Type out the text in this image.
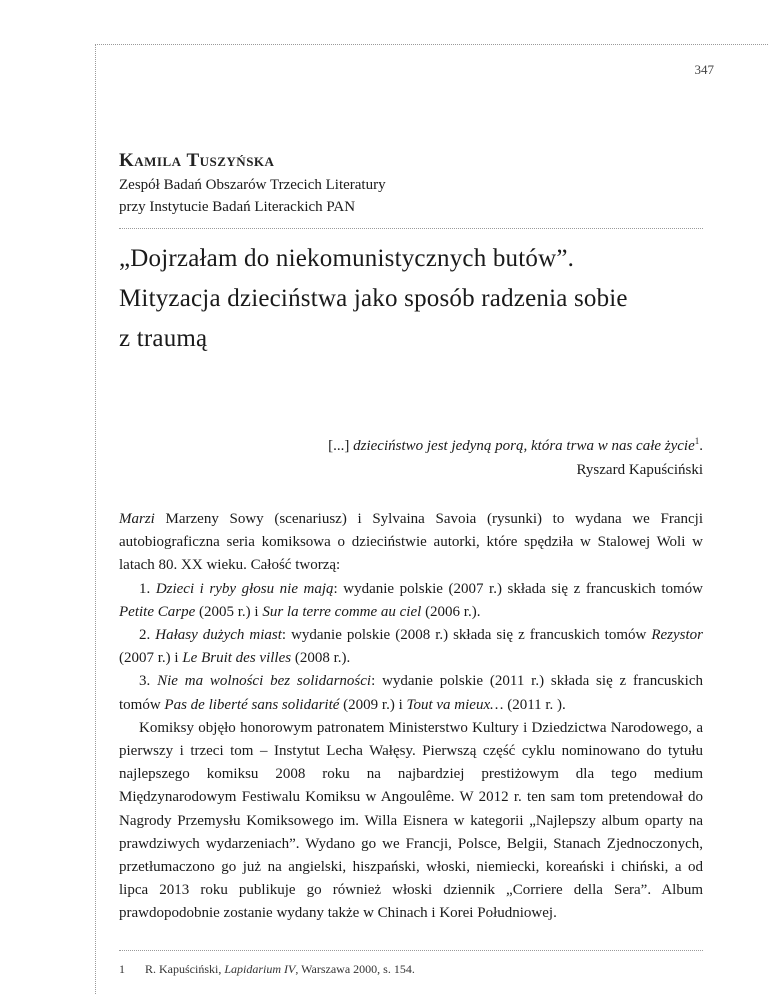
347
Kamila Tuszyńska
Zespół Badań Obszarów Trzecich Literatury
przy Instytucie Badań Literackich PAN
„Dojrzałam do niekomunistycznych butów”.
Mityzacja dzieciństwa jako sposób radzenia sobie
z traumą
[...] dzieciństwo jest jedyną porą, która trwa w nas całe życie$^1$.
Ryszard Kapuściński

Marzi Marzeny Sowy (scenariusz) i Sylvaina Savoia (rysunki) to wydana we Francji autobiograficzna seria komiksowa o dzieciństwie autorki, które spędziła w Stalowej Woli w latach 80. XX wieku. Całość tworzą:

1. Dzieci i ryby głosu nie mają: wydanie polskie (2007 r.) składa się z francuskich tomów Petite Carpe (2005 r.) i Sur la terre comme au ciel (2006 r.).

2. Hałasy dużych miast: wydanie polskie (2008 r.) składa się z francuskich tomów Rezystor (2007 r.) i Le Bruit des villes (2008 r.).

3. Nie ma wolności bez solidarności: wydanie polskie (2011 r.) składa się z francuskich tomów Pas de liberté sans solidarité (2009 r.) i Tout va mieux… (2011 r. ).

Komiksy objęło honorowym patronatem Ministerstwo Kultury i Dziedzictwa Narodowego, a pierwszy i trzeci tom – Instytut Lecha Wałęsy. Pierwszą część cyklu nominowano do tytułu najlepszego komiksu 2008 roku na najbardziej prestiżowym dla tego medium Międzynarodowym Festiwalu Komiksu w Angoulême. W 2012 r. ten sam tom pretendował do Nagrody Przemysłu Komiksowego im. Willa Eisnera w kategorii „Najlepszy album oparty na prawdziwych wydarzeniach”. Wydano go we Francji, Polsce, Belgii, Stanach Zjednoczonych, przetłumaczono go już na angielski, hiszpański, włoski, niemiecki, koreański i chiński, a od lipca 2013 roku publikuje go również włoski dziennik „Corriere della Sera”. Album prawdopodobnie zostanie wydany także w Chinach i Korei Południowej.

1 R. Kapuściński, Lapidarium IV, Warszawa 2000, s. 154.
